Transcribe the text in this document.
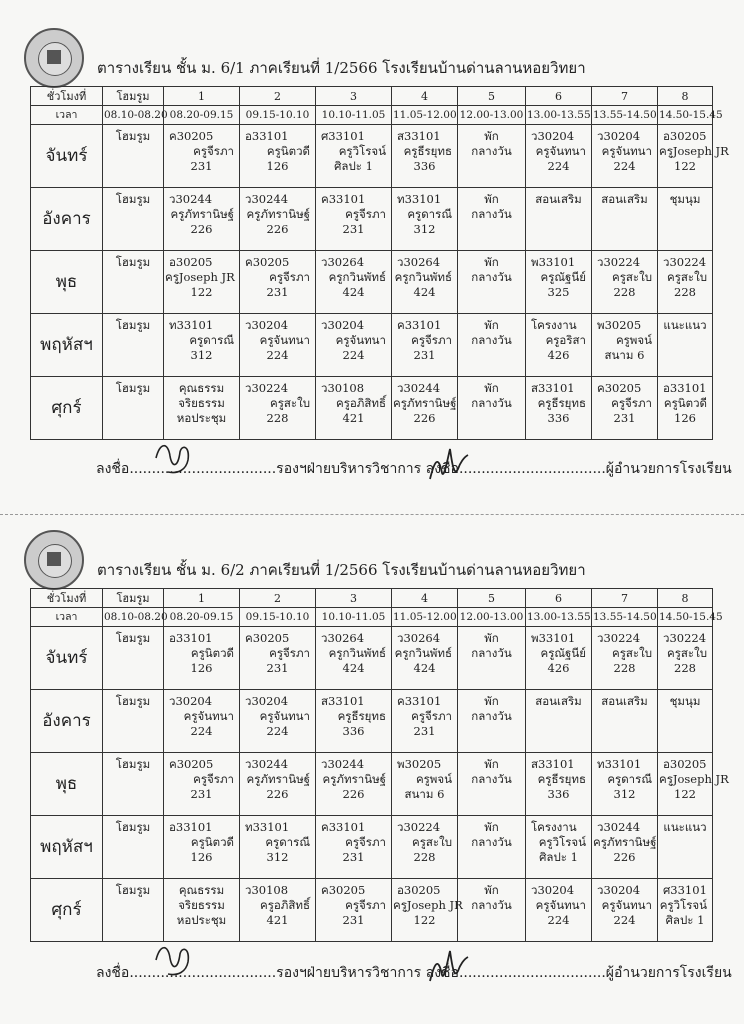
ตารางเรียน ชั้น ม. 6/1 ภาคเรียนที่ 1/2566 โรงเรียนบ้านด่านลานหอยวิทยา
ชั่วโมงที่	โฮมรูม	1	2	3	4	5	6	7	8
เวลา	08.10-08.20	08.20-09.15	09.15-10.10	10.10-11.05	11.05-12.00	12.00-13.00	13.00-13.55	13.55-14.50	14.50-15.45
จันทร์	โฮมรูม	ค30205
ครูจีรภา
231	อ33101
ครูนิตวดี
126	ศ33101
ครูวิโรจน์
ศิลปะ 1	ส33101
ครูธีรยุทธ
336	พัก
กลางวัน	ว30204
ครูจันทนา
224	ว30204
ครูจันทนา
224	อ30205
ครูJoseph JR
122

อังคาร	โฮมรูม	ว30244
ครูภัทรานิษฐ์
226	ว30244
ครูภัทรานิษฐ์
226	ค33101
ครูจีรภา
231	ท33101
ครูดารณี
312	พัก
กลางวัน	สอนเสริม	สอนเสริม	ชุมนุม

พุธ	โฮมรูม	อ30205
ครูJoseph JR
122	ค30205
ครูจีรภา
231	ว30264
ครูกวินพัทธ์
424	ว30264
ครูกวินพัทธ์
424	พัก
กลางวัน	พ33101
ครูณัฐนีย์
325	ว30224
ครูสะใบ
228	ว30224
ครูสะใบ
228

พฤหัสฯ	โฮมรูม	ท33101
ครูดารณี
312	ว30204
ครูจันทนา
224	ว30204
ครูจันทนา
224	ค33101
ครูจีรภา
231	พัก
กลางวัน	โครงงาน
ครูอริสา
426	พ30205
ครูพจน์
สนาม 6	แนะแนว

ศุกร์	โฮมรูม	คุณธรรม
จริยธรรม
หอประชุม	ว30224
ครูสะใบ
228	ว30108
ครูอภิสิทธิ์
421	ว30244
ครูภัทรานิษฐ์
226	พัก
กลางวัน	ส33101
ครูธีรยุทธ
336	ค30205
ครูจีรภา
231	อ33101
ครูนิตวดี
126
ลงชื่อ.................................รองฯฝ่ายบริหารวิชาการ ลงชื่อ.................................ผู้อำนวยการโรงเรียน
ตารางเรียน ชั้น ม. 6/2 ภาคเรียนที่ 1/2566 โรงเรียนบ้านด่านลานหอยวิทยา
ชั่วโมงที่	โฮมรูม	1	2	3	4	5	6	7	8
เวลา	08.10-08.20	08.20-09.15	09.15-10.10	10.10-11.05	11.05-12.00	12.00-13.00	13.00-13.55	13.55-14.50	14.50-15.45
จันทร์	โฮมรูม	อ33101
ครูนิตวดี
126	ค30205
ครูจีรภา
231	ว30264
ครูกวินพัทธ์
424	ว30264
ครูกวินพัทธ์
424	พัก
กลางวัน	พ33101
ครูณัฐนีย์
426	ว30224
ครูสะใบ
228	ว30224
ครูสะใบ
228

อังคาร	โฮมรูม	ว30204
ครูจันทนา
224	ว30204
ครูจันทนา
224	ส33101
ครูธีรยุทธ
336	ค33101
ครูจีรภา
231	พัก
กลางวัน	สอนเสริม	สอนเสริม	ชุมนุม

พุธ	โฮมรูม	ค30205
ครูจีรภา
231	ว30244
ครูภัทรานิษฐ์
226	ว30244
ครูภัทรานิษฐ์
226	พ30205
ครูพจน์
สนาม 6	พัก
กลางวัน	ส33101
ครูธีรยุทธ
336	ท33101
ครูดารณี
312	อ30205
ครูJoseph JR
122

พฤหัสฯ	โฮมรูม	อ33101
ครูนิตวดี
126	ท33101
ครูดารณี
312	ค33101
ครูจีรภา
231	ว30224
ครูสะใบ
228	พัก
กลางวัน	โครงงาน
ครูวิโรจน์
ศิลปะ 1	ว30244
ครูภัทรานิษฐ์
226	แนะแนว

ศุกร์	โฮมรูม	คุณธรรม
จริยธรรม
หอประชุม	ว30108
ครูอภิสิทธิ์
421	ค30205
ครูจีรภา
231	อ30205
ครูJoseph JR
122	พัก
กลางวัน	ว30204
ครูจันทนา
224	ว30204
ครูจันทนา
224	ศ33101
ครูวิโรจน์
ศิลปะ 1
ลงชื่อ.................................รองฯฝ่ายบริหารวิชาการ ลงชื่อ.................................ผู้อำนวยการโรงเรียน
